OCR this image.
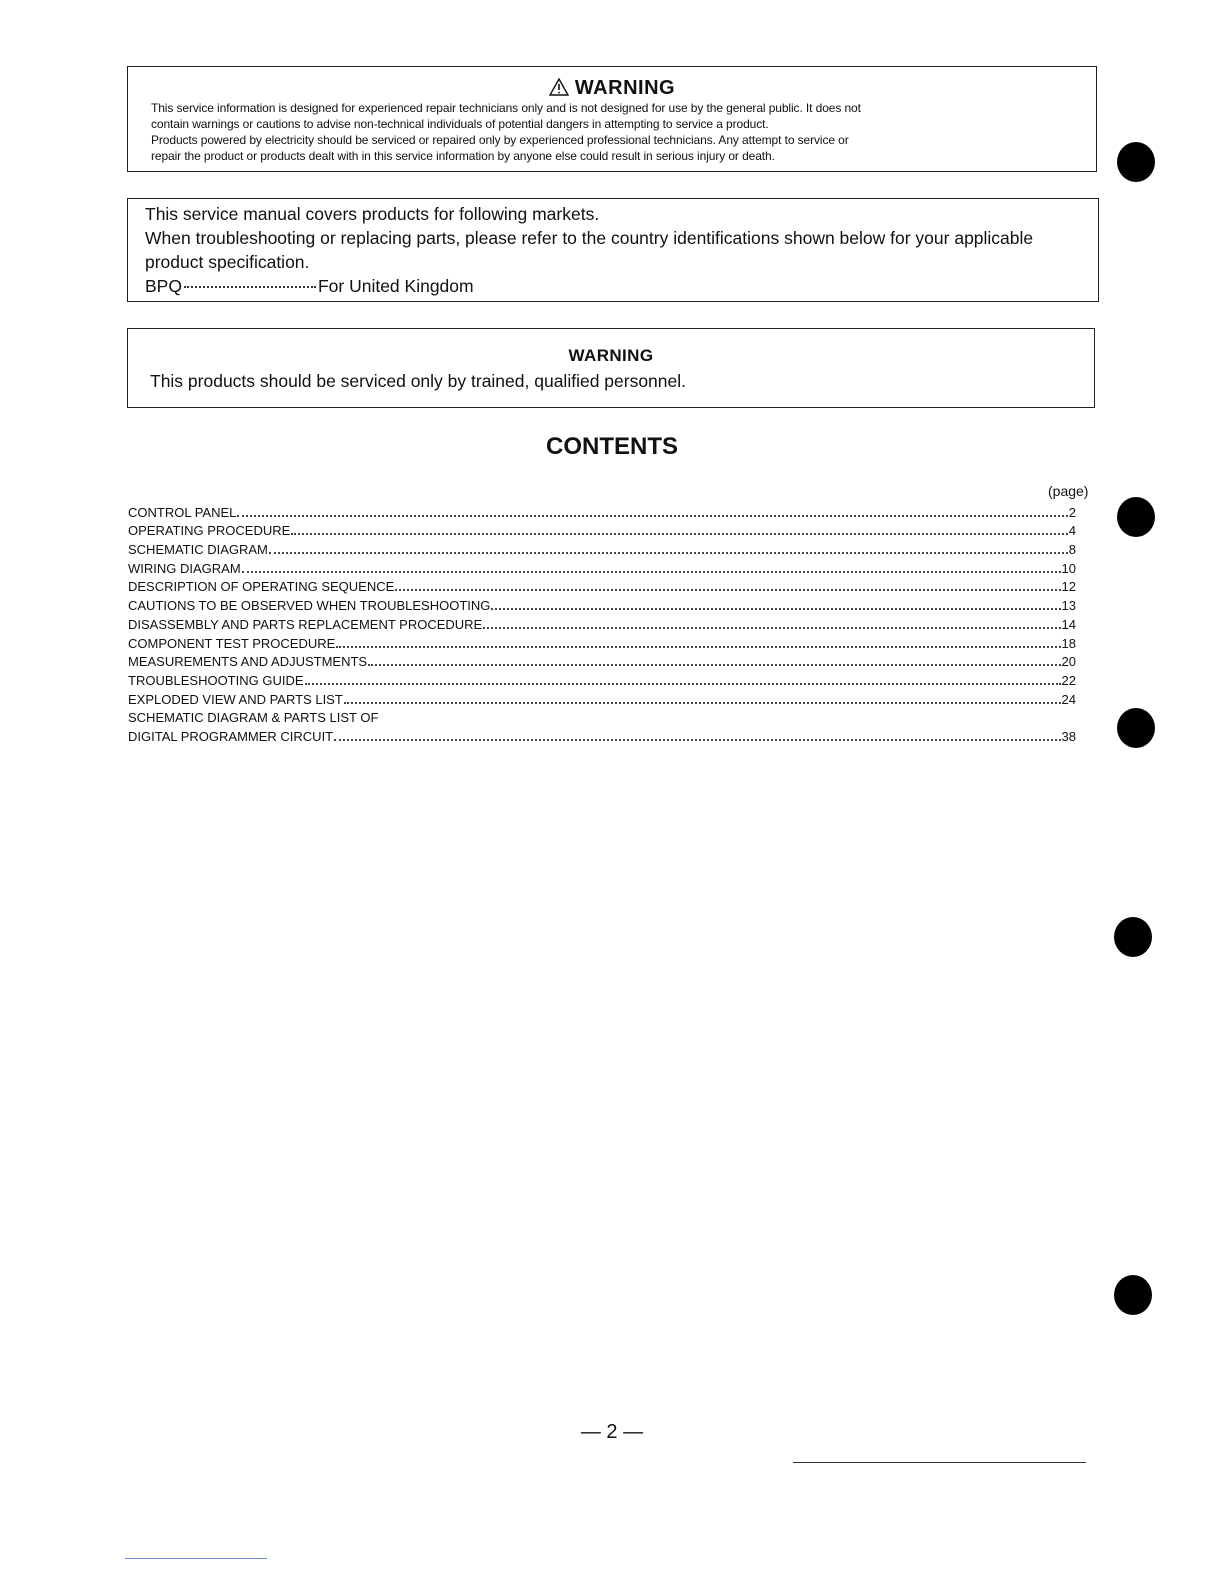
WARNING

This service information is designed for experienced repair technicians only and is not designed for use by the general public. It does not

contain warnings or cautions to advise non-technical individuals of potential dangers in attempting to service a product.

Products powered by electricity should be serviced or repaired only by experienced professional technicians. Any attempt to service or

repair the product or products dealt with in this service information by anyone else could result in serious injury or death.

This service manual covers products for following markets.

When troubleshooting or replacing parts, please refer to the country identifications shown below for your applicable

product specification.

BPQ	For United Kingdom

WARNING
This products should be serviced only by trained, qualified personnel.
CONTENTS
(page)
CONTROL PANEL	2
OPERATING PROCEDURE	4
SCHEMATIC DIAGRAM	8
WIRING DIAGRAM	10
DESCRIPTION OF OPERATING SEQUENCE	12
CAUTIONS TO BE OBSERVED WHEN TROUBLESHOOTING	13
DISASSEMBLY AND PARTS REPLACEMENT PROCEDURE	14
COMPONENT TEST PROCEDURE	18
MEASUREMENTS AND ADJUSTMENTS	20
TROUBLESHOOTING GUIDE	22
EXPLODED VIEW AND PARTS LIST	24
SCHEMATIC DIAGRAM & PARTS LIST OF
DIGITAL PROGRAMMER CIRCUIT	38
— 2 —
